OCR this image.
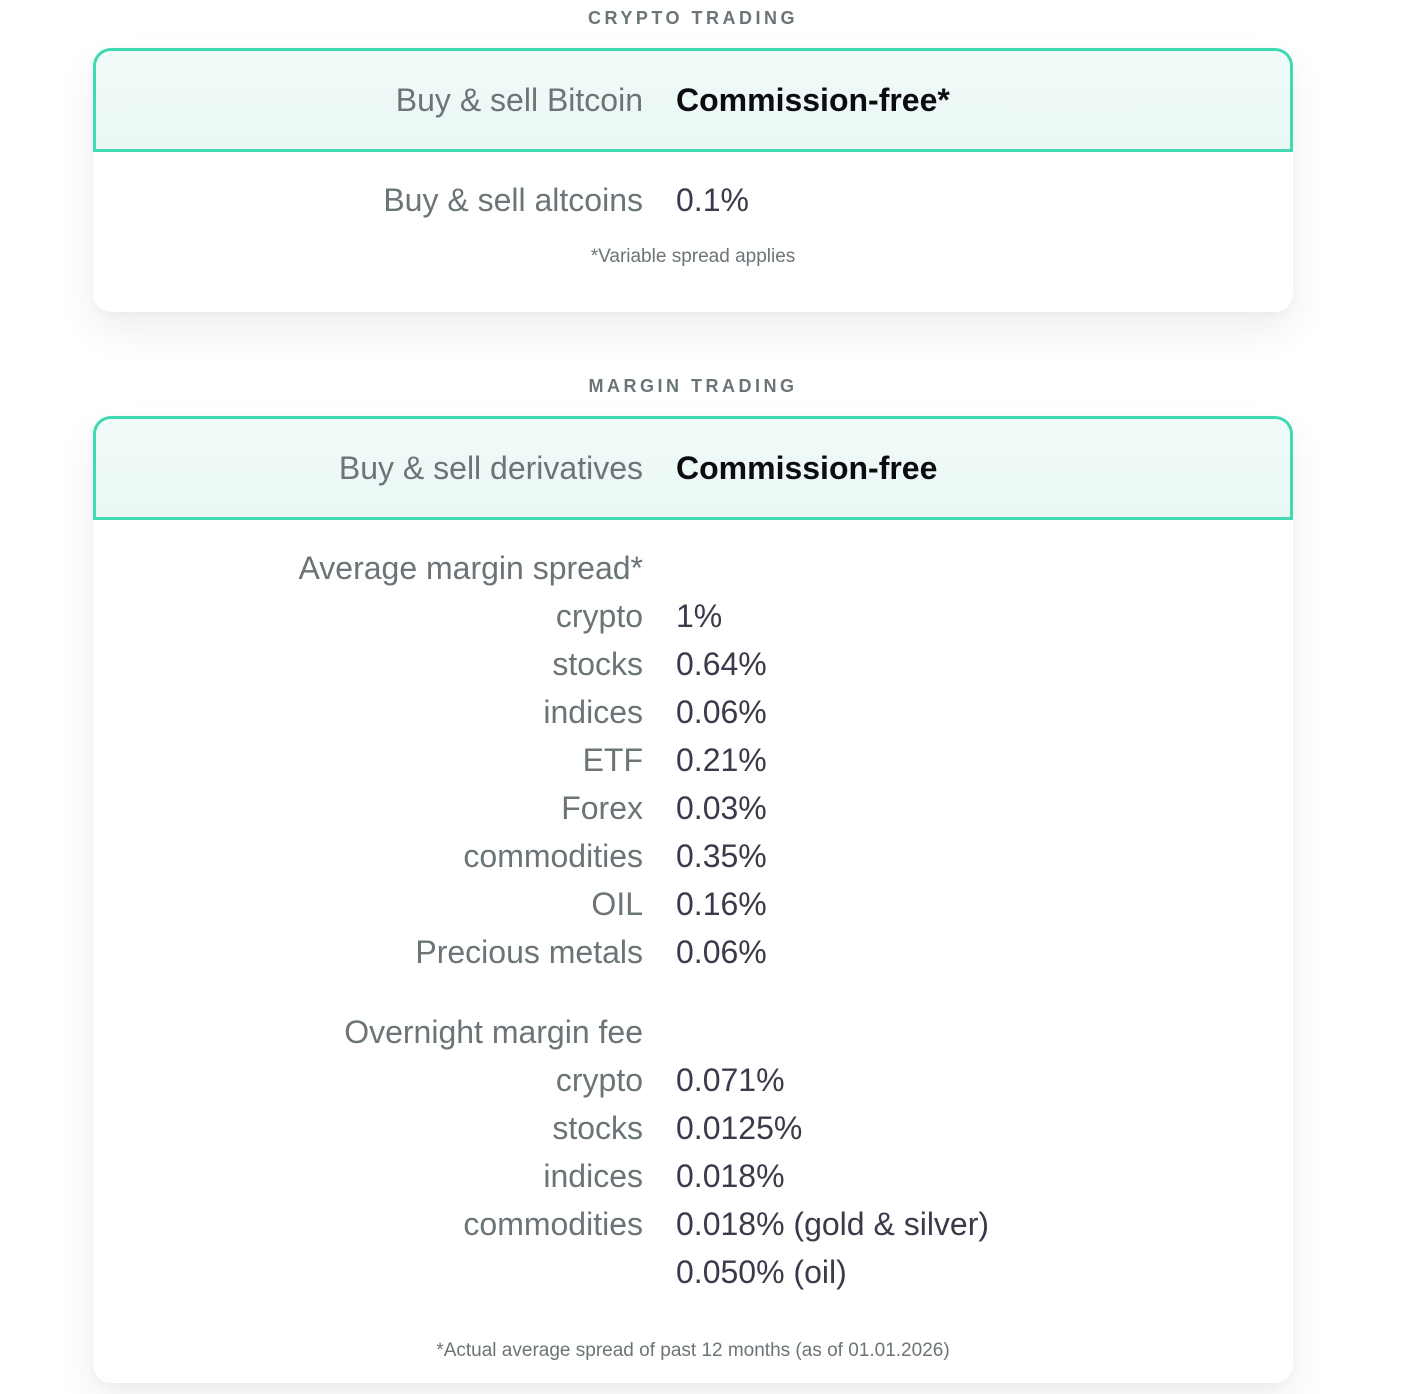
CRYPTO TRADING
Buy & sell Bitcoin	Commission-free*
Buy & sell altcoins	0.1%
*Variable spread applies
MARGIN TRADING
Buy & sell derivatives	Commission-free
Average margin spread*
crypto	1%
stocks	0.64%
indices	0.06%
ETF	0.21%
Forex	0.03%
commodities	0.35%
OIL	0.16%
Precious metals	0.06%
Overnight margin fee
crypto	0.071%
stocks	0.0125%
indices	0.018%
commodities	0.018% (gold & silver)
0.050% (oil)
*Actual average spread of past 12 months (as of 01.01.2026)
